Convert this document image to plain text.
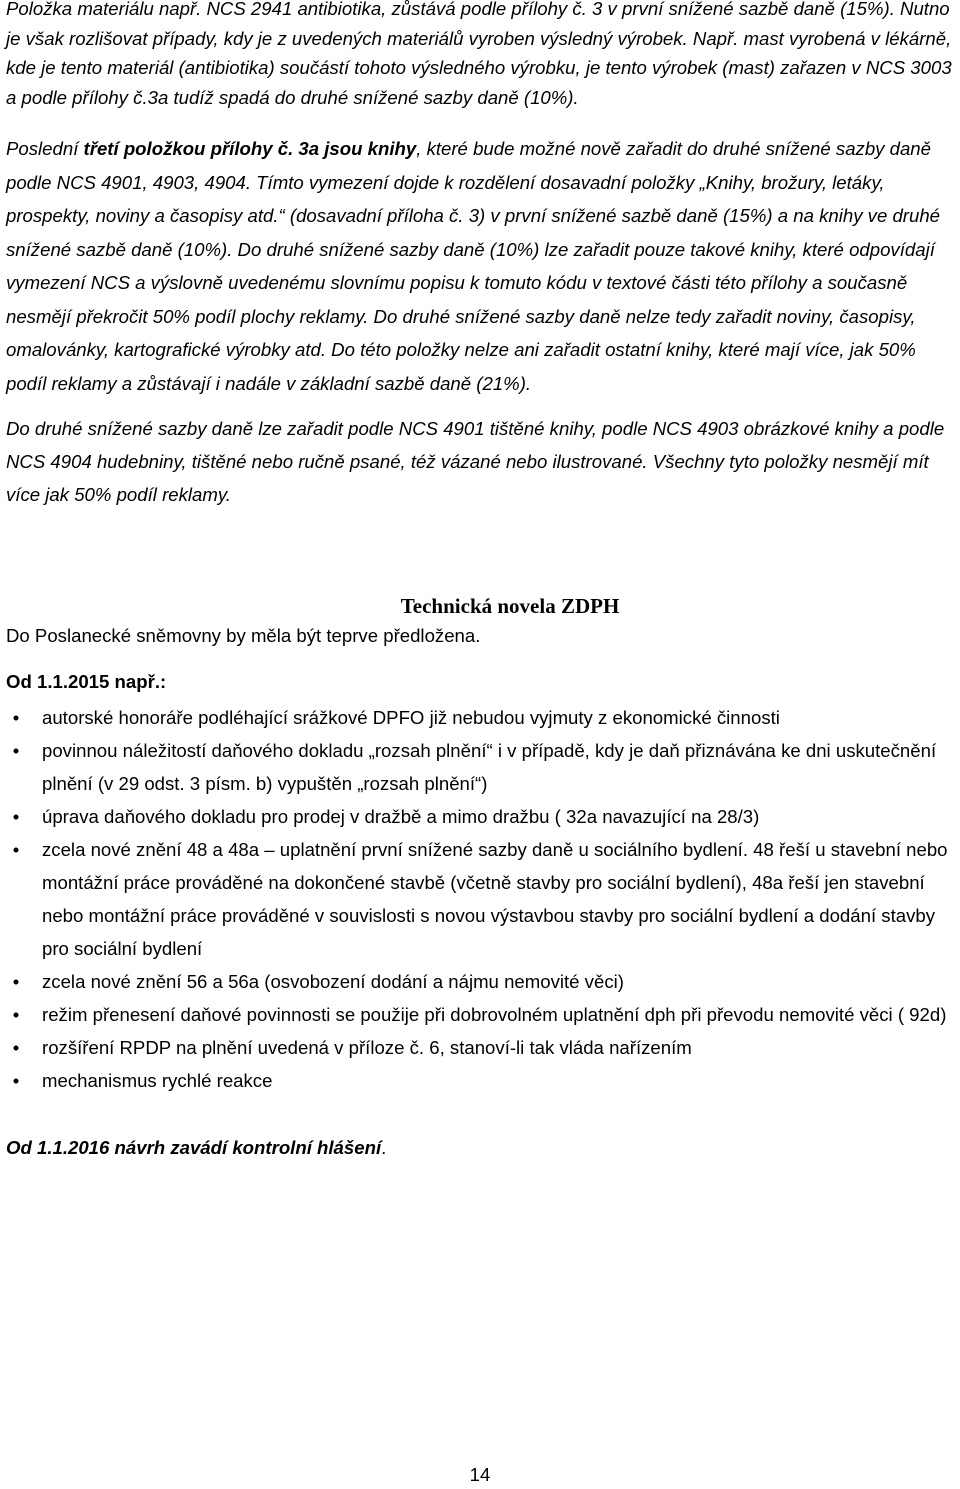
Položka materiálu např. NCS 2941 antibiotika, zůstává podle přílohy č. 3 v první snížené sazbě daně (15%). Nutno je však rozlišovat případy, kdy je z uvedených materiálů vyroben výsledný výrobek. Např. mast vyrobená v lékárně, kde je tento materiál (antibiotika) součástí tohoto výsledného výrobku, je tento výrobek (mast) zařazen v NCS 3003 a podle přílohy č.3a tudíž spadá do druhé snížené sazby daně (10%).

Poslední třetí položkou přílohy č. 3a jsou knihy, které bude možné nově zařadit do druhé snížené sazby daně podle NCS 4901, 4903, 4904. Tímto vymezení dojde k rozdělení dosavadní položky „Knihy, brožury, letáky, prospekty, noviny a časopisy atd.“ (dosavadní příloha č. 3) v první snížené sazbě daně (15%) a na knihy ve druhé snížené sazbě daně (10%). Do druhé snížené sazby daně (10%) lze zařadit pouze takové knihy, které odpovídají vymezení NCS a výslovně uvedenému slovnímu popisu k tomuto kódu v textové části této přílohy a současně nesmějí překročit 50% podíl plochy reklamy. Do druhé snížené sazby daně nelze tedy zařadit noviny, časopisy, omalovánky, kartografické výrobky atd. Do této položky nelze ani zařadit ostatní knihy, které mají více, jak 50% podíl reklamy a zůstávají i nadále v základní sazbě daně (21%).

Do druhé snížené sazby daně lze zařadit podle NCS 4901 tištěné knihy, podle NCS 4903 obrázkové knihy a podle NCS 4904 hudebniny, tištěné nebo ručně psané, též vázané nebo ilustrované. Všechny tyto položky nesmějí mít více jak 50% podíl reklamy.

Technická novela ZDPH

Do Poslanecké sněmovny by měla být teprve předložena.

Od 1.1.2015 např.:

•	autorské honoráře podléhající srážkové DPFO již nebudou vyjmuty z ekonomické činnosti
•	povinnou náležitostí daňového dokladu „rozsah plnění“ i v případě, kdy je daň přiznávána ke dni uskutečnění plnění (v 29 odst. 3 písm. b) vypuštěn „rozsah plnění“)
•	úprava daňového dokladu pro prodej v dražbě a mimo dražbu ( 32a navazující na 28/3)
•	zcela nové znění 48 a 48a – uplatnění první snížené sazby daně u sociálního bydlení. 48 řeší u stavební nebo montážní práce prováděné na dokončené stavbě (včetně stavby pro sociální bydlení), 48a řeší jen stavební nebo montážní práce prováděné v souvislosti s novou výstavbou stavby pro sociální bydlení a dodání stavby pro sociální bydlení
•	zcela nové znění 56 a 56a (osvobození dodání a nájmu nemovité věci)
•	režim přenesení daňové povinnosti se použije při dobrovolném uplatnění dph při převodu nemovité věci ( 92d)
•	rozšíření RPDP na plnění uvedená v příloze č. 6, stanoví-li tak vláda nařízením
•	mechanismus rychlé reakce

Od 1.1.2016 návrh zavádí kontrolní hlášení.

14
